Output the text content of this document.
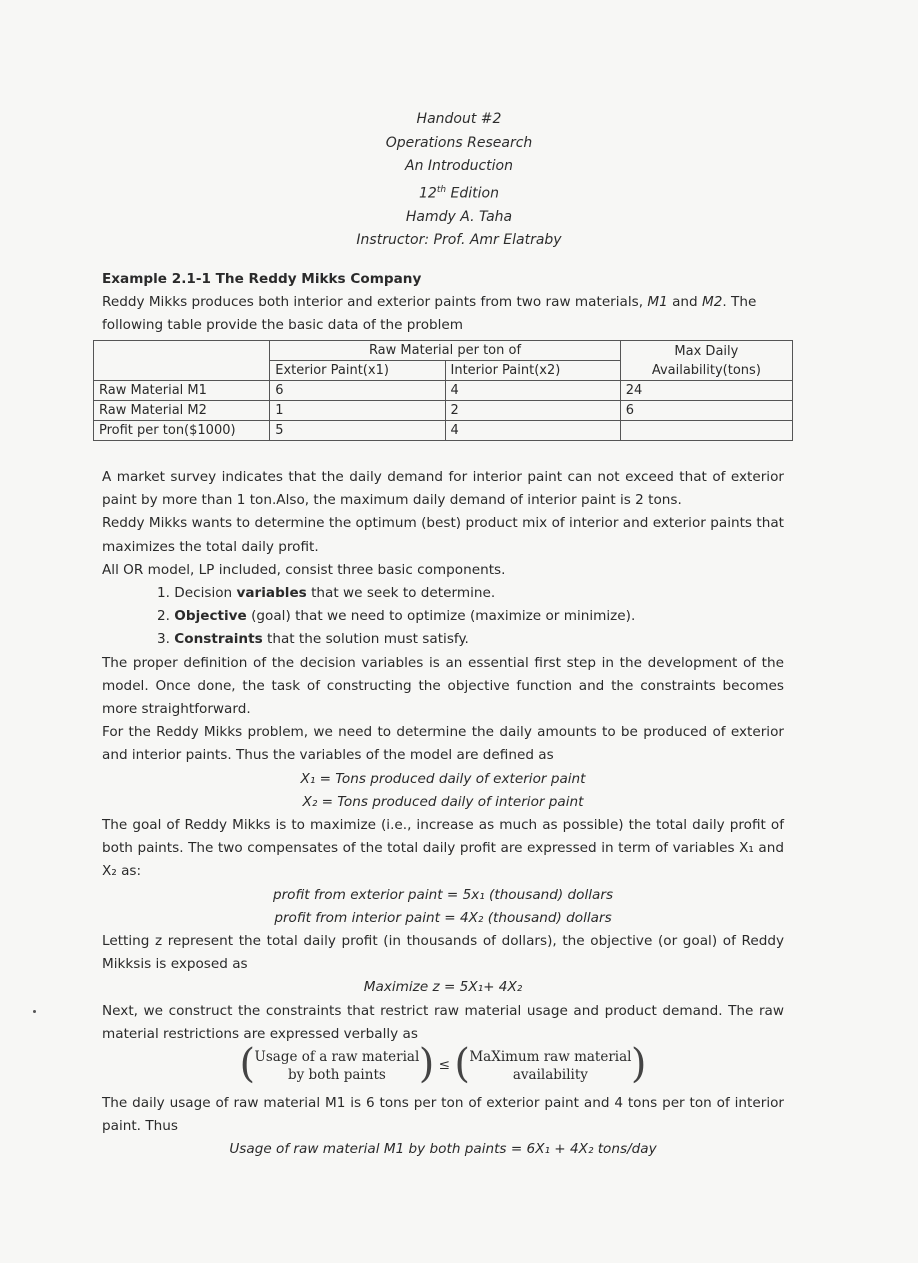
Handout #2
Operations Research
An Introduction
12th Edition
Hamdy A. Taha
Instructor: Prof. Amr Elatraby
Example 2.1-1 The Reddy Mikks Company
Reddy Mikks produces both interior and exterior paints from two raw materials, M1 and M2. The
following table provide the basic data of the problem
	Raw Material per ton of		Max Daily
Availability(tons)
	Exterior Paint(x1)	Interior Paint(x2)	
Raw Material M1	6	4	24
Raw Material M2	1	2	6
Profit per ton($1000)	5	4	
A market survey indicates that the daily demand for interior paint can not exceed that of exterior paint by more than 1 ton.Also, the maximum daily demand of interior paint is 2 tons.
Reddy Mikks wants to determine the optimum (best) product mix of interior and exterior paints that maximizes the total daily profit.
All OR model, LP included, consist three basic components.
1. Decision variables that we seek to determine.
2. Objective (goal) that we need to optimize (maximize or minimize).
3. Constraints that the solution must satisfy.
The proper definition of the decision variables is an essential first step in the development of the model. Once done, the task of constructing the objective function and the constraints becomes more straightforward.
For the Reddy Mikks problem, we need to determine the daily amounts to be produced of exterior and interior paints. Thus the variables of the model are defined as
X₁ = Tons produced daily of exterior paint
X₂ = Tons produced daily of interior paint
The goal of Reddy Mikks is to maximize (i.e., increase as much as possible) the total daily profit of both paints. The two compensates of the total daily profit are expressed in term of variables X₁ and X₂ as:
profit from exterior paint = 5x₁ (thousand) dollars
profit from interior paint = 4X₂ (thousand) dollars
Letting z represent the total daily profit (in thousands of dollars), the objective (or goal) of Reddy Mikksis is exposed as
Maximize z = 5X₁+ 4X₂
Next, we construct the constraints that restrict raw material usage and product demand. The raw material restrictions are expressed verbally as
( Usage of a raw material
by both paints ) ≤ ( MaXimum raw material
availability )
The daily usage of raw material M1 is 6 tons per ton of exterior paint and 4 tons per ton of interior paint. Thus
Usage of raw material M1 by both paints = 6X₁ + 4X₂ tons/day
